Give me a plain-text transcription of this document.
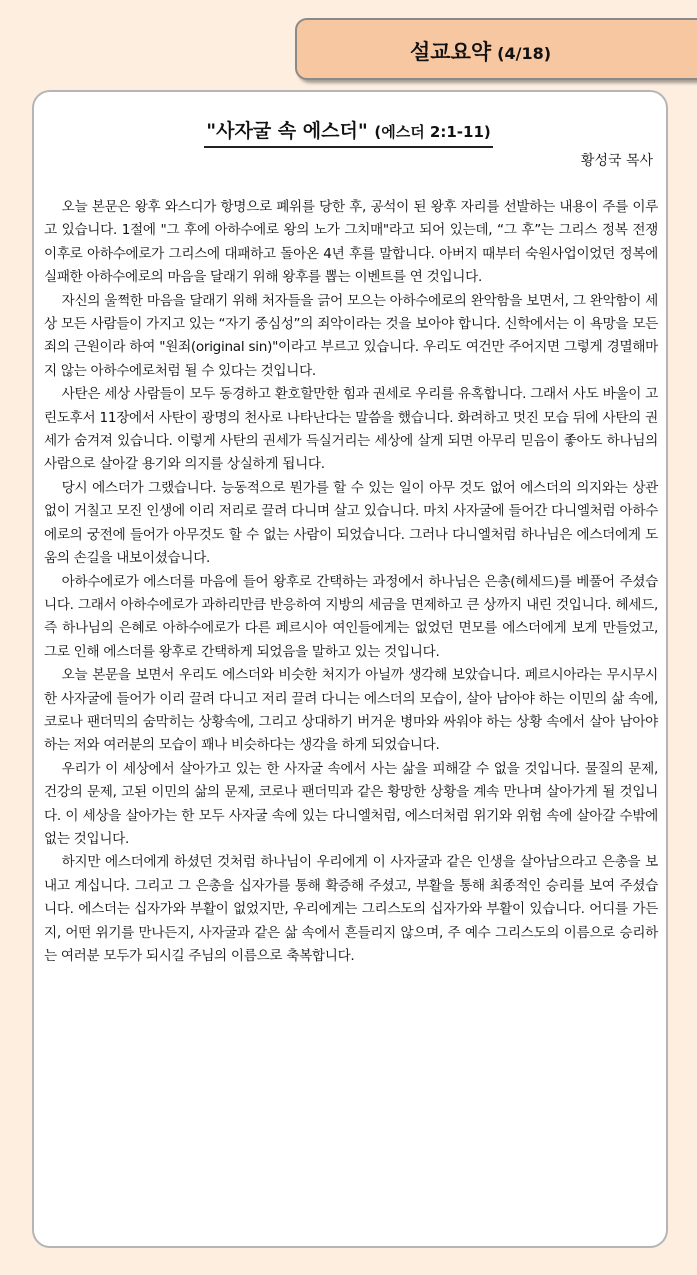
설교요약 (4/18)
"사자굴 속 에스더" (에스더 2:1-11)
황성국 목사

오늘 본문은 왕후 와스디가 항명으로 폐위를 당한 후, 공석이 된 왕후 자리를 선발하는 내용이 주를 이루고 있습니다. 1절에 "그 후에 아하수에로 왕의 노가 그치매"라고 되어 있는데, “그 후”는 그리스 정복 전쟁 이후로 아하수에로가 그리스에 대패하고 돌아온 4년 후를 말합니다. 아버지 때부터 숙원사업이었던 정복에 실패한 아하수에로의 마음을 달래기 위해 왕후를 뽑는 이벤트를 연 것입니다.

자신의 울쩍한 마음을 달래기 위해 처자들을 긁어 모으는 아하수에로의 완악함을 보면서, 그 완악함이 세상 모든 사람들이 가지고 있는 “자기 중심성”의 죄악이라는 것을 보아야 합니다. 신학에서는 이 욕망을 모든 죄의 근원이라 하여 "원죄(original sin)"이라고 부르고 있습니다. 우리도 여건만 주어지면 그렇게 경멸해마지 않는 아하수에로처럼 될 수 있다는 것입니다.

사탄은 세상 사람들이 모두 동경하고 환호할만한 힘과 권세로 우리를 유혹합니다. 그래서 사도 바울이 고린도후서 11장에서 사탄이 광명의 천사로 나타난다는 말씀을 했습니다. 화려하고 멋진 모습 뒤에 사탄의 권세가 숨겨져 있습니다. 이렇게 사탄의 권세가 득실거리는 세상에 살게 되면 아무리 믿음이 좋아도 하나님의 사람으로 살아갈 용기와 의지를 상실하게 됩니다.

당시 에스더가 그랬습니다. 능동적으로 뭔가를 할 수 있는 일이 아무 것도 없어 에스더의 의지와는 상관없이 거칠고 모진 인생에 이리 저리로 끌려 다니며 살고 있습니다. 마치 사자굴에 들어간 다니엘처럼 아하수에로의 궁전에 들어가 아무것도 할 수 없는 사람이 되었습니다. 그러나 다니엘처럼 하나님은 에스더에게 도움의 손길을 내보이셨습니다.

아하수에로가 에스더를 마음에 들어 왕후로 간택하는 과정에서 하나님은 은총(헤세드)를 베풀어 주셨습니다. 그래서 아하수에로가 과하리만큼 반응하여 지방의 세금을 면제하고 큰 상까지 내린 것입니다. 헤세드, 즉 하나님의 은혜로 아하수에로가 다른 페르시아 여인들에게는 없었던 면모를 에스더에게 보게 만들었고, 그로 인해 에스더를 왕후로 간택하게 되었음을 말하고 있는 것입니다.

오늘 본문을 보면서 우리도 에스더와 비슷한 처지가 아닐까 생각해 보았습니다. 페르시아라는 무시무시한 사자굴에 들어가 이리 끌려 다니고 저리 끌려 다니는 에스더의 모습이, 살아 남아야 하는 이민의 삶 속에, 코로나 팬더믹의 숨막히는 상황속에, 그리고 상대하기 버거운 병마와 싸워야 하는 상황 속에서 살아 남아야 하는 저와 여러분의 모습이 꽤나 비슷하다는 생각을 하게 되었습니다.

우리가 이 세상에서 살아가고 있는 한 사자굴 속에서 사는 삶을 피해갈 수 없을 것입니다. 물질의 문제, 건강의 문제, 고된 이민의 삶의 문제, 코로나 팬더믹과 같은 황망한 상황을 계속 만나며 살아가게 될 것입니다. 이 세상을 살아가는 한 모두 사자굴 속에 있는 다니엘처럼, 에스더처럼 위기와 위험 속에 살아갈 수밖에 없는 것입니다.

하지만 에스더에게 하셨던 것처럼 하나님이 우리에게 이 사자굴과 같은 인생을 살아남으라고 은총을 보내고 계십니다. 그리고 그 은총을 십자가를 통해 확증해 주셨고, 부활을 통해 최종적인 승리를 보여 주셨습니다. 에스더는 십자가와 부활이 없었지만, 우리에게는 그리스도의 십자가와 부활이 있습니다. 어디를 가든지, 어떤 위기를 만나든지, 사자굴과 같은 삶 속에서 흔들리지 않으며, 주 예수 그리스도의 이름으로 승리하는 여러분 모두가 되시길 주님의 이름으로 축복합니다.
